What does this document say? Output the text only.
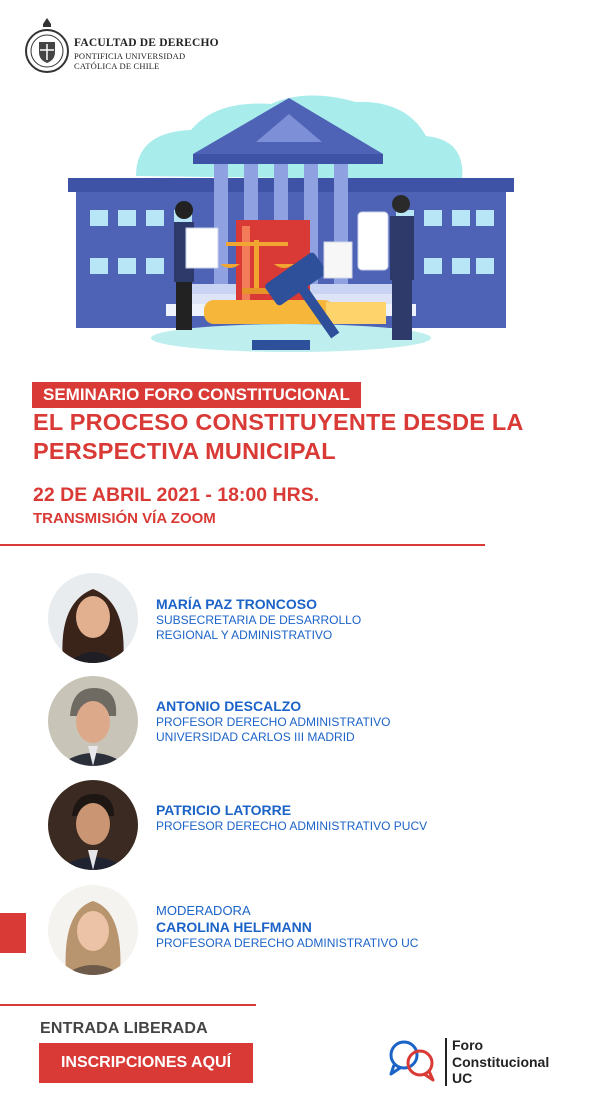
FACULTAD DE DERECHO
PONTIFICIA UNIVERSIDAD
CATÓLICA DE CHILE
SEMINARIO FORO CONSTITUCIONAL
EL PROCESO CONSTITUYENTE DESDE LA
PERSPECTIVA MUNICIPAL
22 DE ABRIL 2021 - 18:00 HRS.
TRANSMISIÓN VÍA ZOOM
MARÍA PAZ TRONCOSO
SUBSECRETARIA DE DESARROLLO
REGIONAL Y ADMINISTRATIVO
ANTONIO DESCALZO
PROFESOR DERECHO ADMINISTRATIVO
UNIVERSIDAD CARLOS III MADRID
PATRICIO LATORRE
PROFESOR DERECHO ADMINISTRATIVO PUCV
MODERADORA
CAROLINA HELFMANN
PROFESORA DERECHO ADMINISTRATIVO UC
ENTRADA LIBERADA
INSCRIPCIONES AQUÍ
Foro
Constitucional
UC
